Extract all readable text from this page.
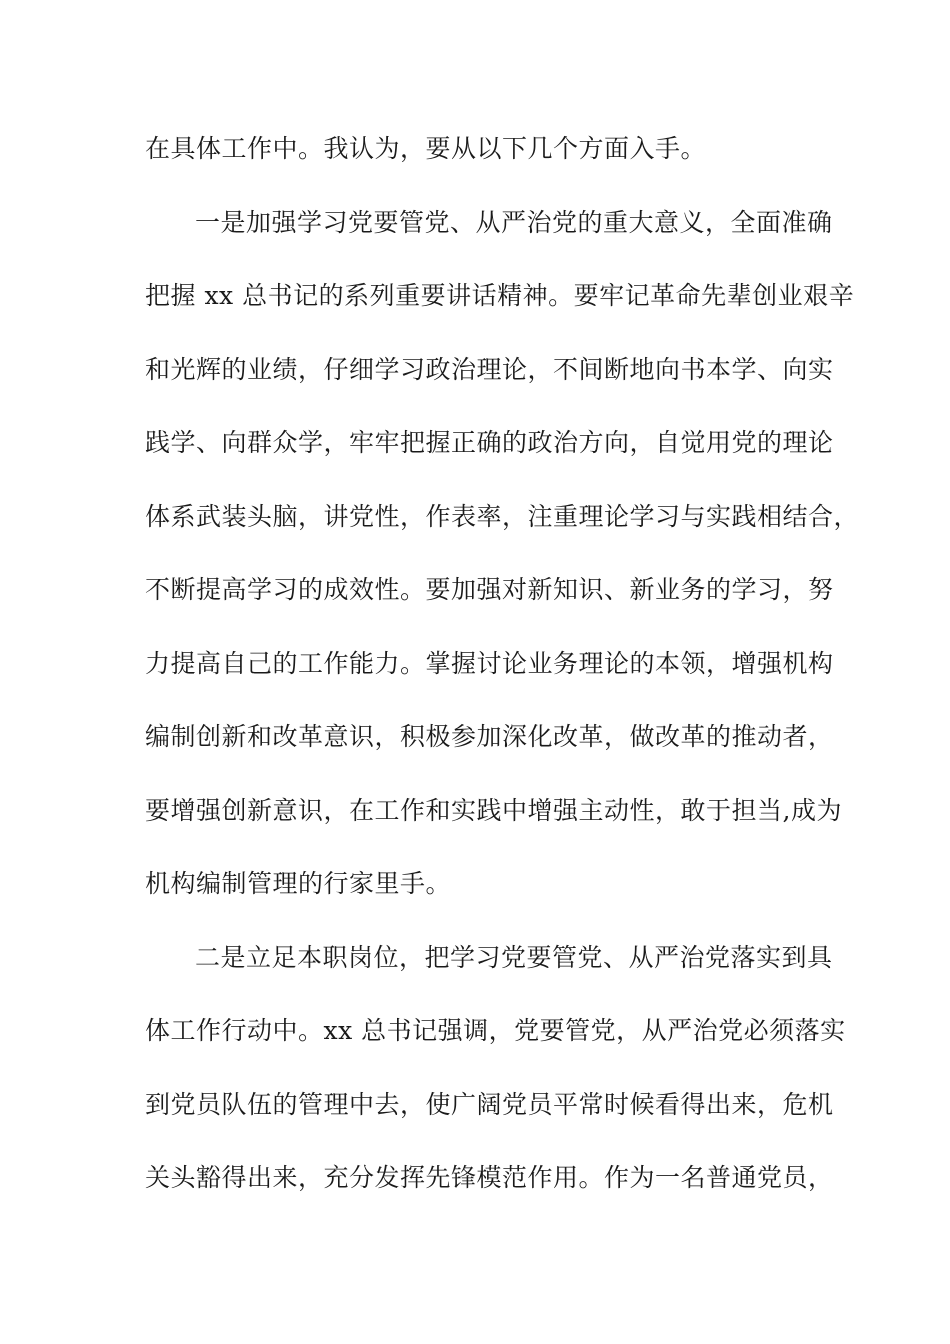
在具体工作中。我认为，要从以下几个方面入手。
一是加强学习党要管党、从严治党的重大意义，全面准确
把握 xx 总书记的系列重要讲话精神。要牢记革命先辈创业艰辛
和光辉的业绩，仔细学习政治理论，不间断地向书本学、向实
践学、向群众学，牢牢把握正确的政治方向，自觉用党的理论
体系武装头脑，讲党性，作表率，注重理论学习与实践相结合，
不断提高学习的成效性。要加强对新知识、新业务的学习，努
力提高自己的工作能力。掌握讨论业务理论的本领，增强机构
编制创新和改革意识，积极参加深化改革，做改革的推动者，
要增强创新意识，在工作和实践中增强主动性，敢于担当,成为
机构编制管理的行家里手。
二是立足本职岗位，把学习党要管党、从严治党落实到具
体工作行动中。xx 总书记强调，党要管党，从严治党必须落实
到党员队伍的管理中去，使广阔党员平常时候看得出来，危机
关头豁得出来，充分发挥先锋模范作用。作为一名普通党员，
